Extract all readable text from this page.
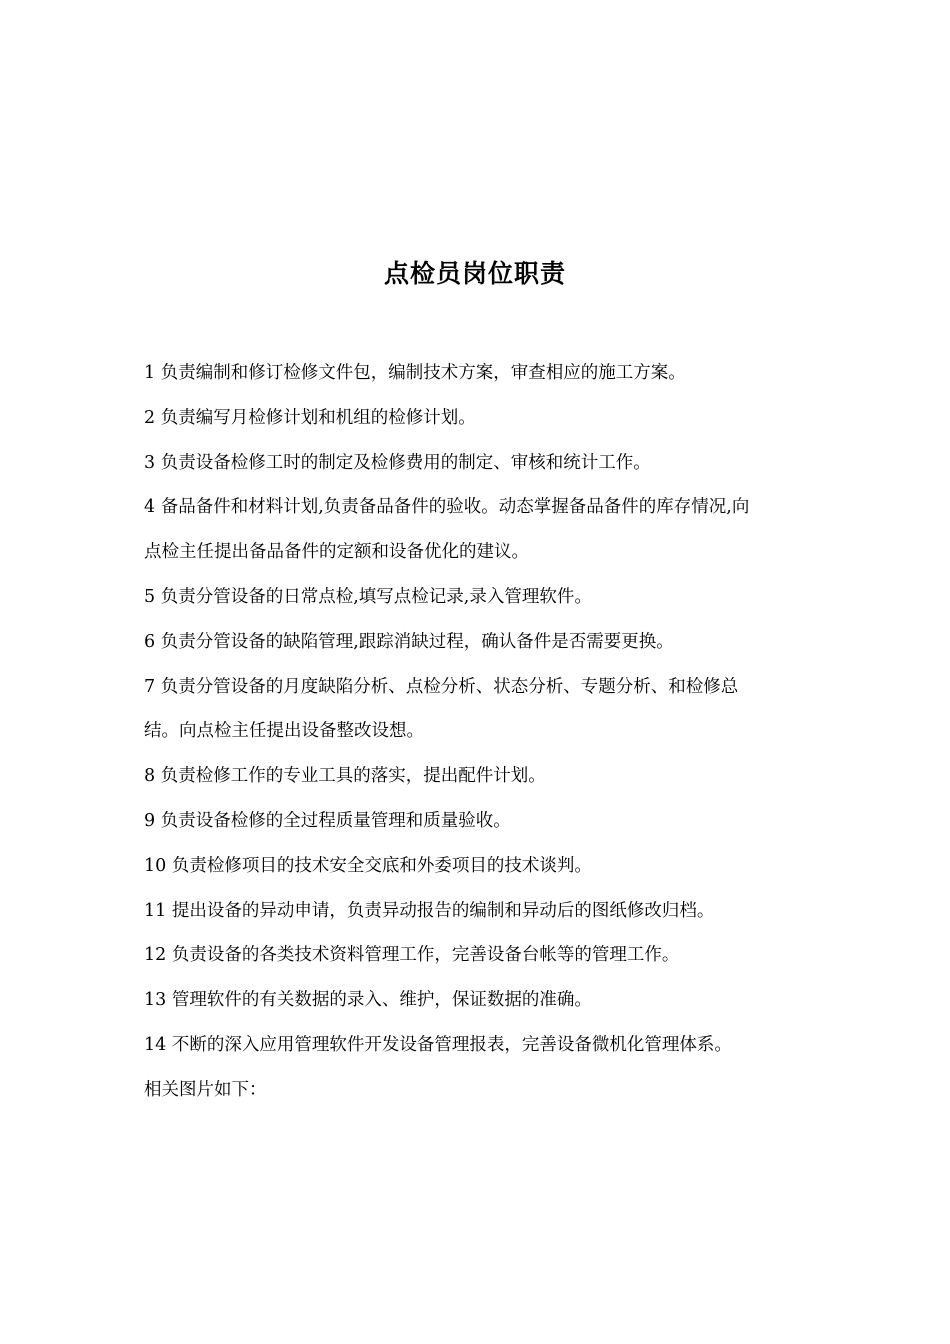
点检员岗位职责

1 负责编制和修订检修文件包，编制技术方案，审查相应的施工方案。

2 负责编写月检修计划和机组的检修计划。

3 负责设备检修工时的制定及检修费用的制定、审核和统计工作。

4 备品备件和材料计划,负责备品备件的验收。动态掌握备品备件的库存情况,向
点检主任提出备品备件的定额和设备优化的建议。

5 负责分管设备的日常点检,填写点检记录,录入管理软件。

6 负责分管设备的缺陷管理,跟踪消缺过程，确认备件是否需要更换。

7 负责分管设备的月度缺陷分析、点检分析、状态分析、专题分析、和检修总
结。向点检主任提出设备整改设想。

8 负责检修工作的专业工具的落实，提出配件计划。

9 负责设备检修的全过程质量管理和质量验收。

10 负责检修项目的技术安全交底和外委项目的技术谈判。

11 提出设备的异动申请，负责异动报告的编制和异动后的图纸修改归档。

12 负责设备的各类技术资料管理工作，完善设备台帐等的管理工作。

13 管理软件的有关数据的录入、维护，保证数据的准确。

14 不断的深入应用管理软件开发设备管理报表，完善设备微机化管理体系。

相关图片如下：
